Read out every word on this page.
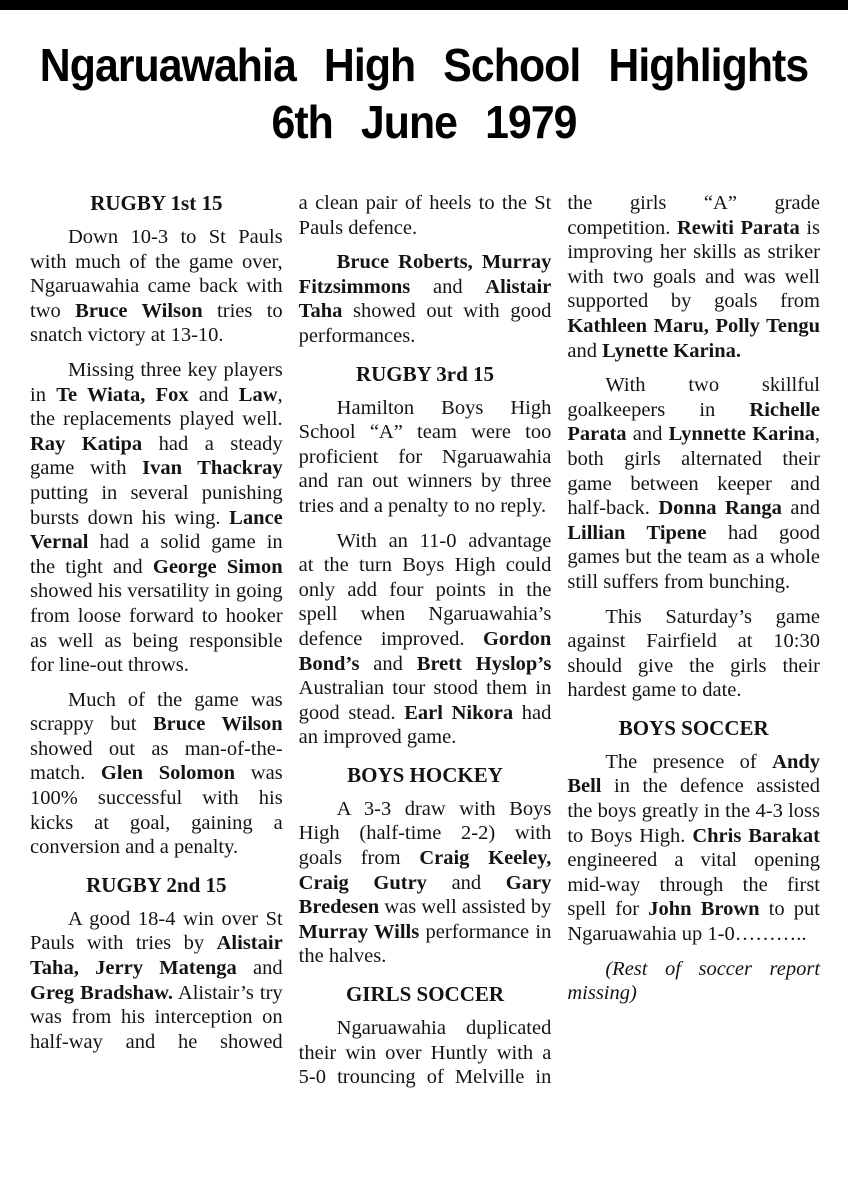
Ngaruawahia High School Highlights
6th June 1979
RUGBY 1st 15

Down 10-3 to St Pauls with much of the game over, Ngaruawahia came back with two Bruce Wilson tries to snatch victory at 13-10.

Missing three key players in Te Wiata, Fox and Law, the replacements played well. Ray Katipa had a steady game with Ivan Thackray putting in several punishing bursts down his wing. Lance Vernal had a solid game in the tight and George Simon showed his versatility in going from loose forward to hooker as well as being responsible for line-out throws.

Much of the game was scrappy but Bruce Wilson showed out as man-of-the-match. Glen Solomon was 100% successful with his kicks at goal, gaining a conversion and a penalty.

RUGBY 2nd 15

A good 18-4 win over St Pauls with tries by Alistair Taha, Jerry Matenga and Greg Bradshaw. Alistair’s try was from his interception on half-way and he showed

a clean pair of heels to the St Pauls defence.

Bruce Roberts, Murray Fitzsimmons and Alistair Taha showed out with good performances.

RUGBY 3rd 15

Hamilton Boys High School “A” team were too proficient for Ngaruawahia and ran out winners by three tries and a penalty to no reply.

With an 11-0 advantage at the turn Boys High could only add four points in the spell when Ngaruawahia’s defence improved. Gordon Bond’s and Brett Hyslop’s Australian tour stood them in good stead. Earl Nikora had an improved game.

BOYS HOCKEY

A 3-3 draw with Boys High (half-time 2-2) with goals from Craig Keeley, Craig Gutry and Gary Bredesen was well assisted by Murray Wills performance in the halves.

GIRLS SOCCER

Ngaruawahia duplicated their win over Huntly with a 5-0 trouncing of Melville in

the girls “A” grade competition. Rewiti Parata is improving her skills as striker with two goals and was well supported by goals from Kathleen Maru, Polly Tengu and Lynette Karina.

With two skillful goalkeepers in Richelle Parata and Lynnette Karina, both girls alternated their game between keeper and half-back. Donna Ranga and Lillian Tipene had good games but the team as a whole still suffers from bunching.

This Saturday’s game against Fairfield at 10:30 should give the girls their hardest game to date.

BOYS SOCCER

The presence of Andy Bell in the defence assisted the boys greatly in the 4-3 loss to Boys High. Chris Barakat engineered a vital opening mid-way through the first spell for John Brown to put Ngaruawahia up 1-0………..

(Rest of soccer report missing)
